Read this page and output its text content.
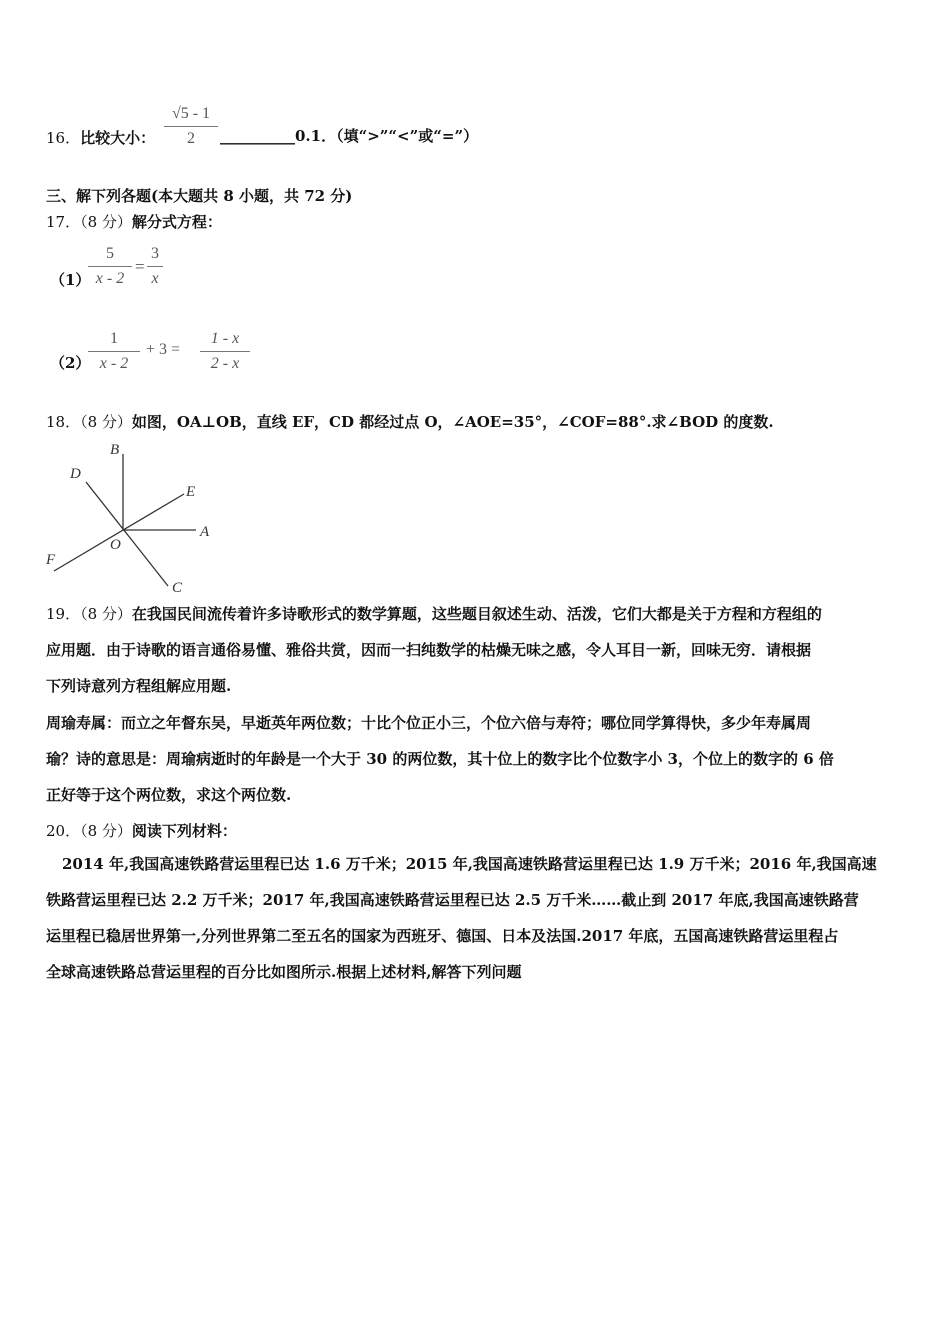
16．比较大小：
√5 - 1
2	__________0.1．（填“>”“<”或“=”）
三、解下列各题(本大题共 8 小题，共 72 分)
17．（8 分）解分式方程：
（1）
5
x - 2
=
3
x
（2）
1
x - 2
+ 3 =
1 - x
2 - x
18．（8 分）如图，OA⊥OB，直线 EF，CD 都经过点 O，∠AOE=35°，∠COF=88°.求∠BOD 的度数.
B
D
E
A
O
F
C
19．（8 分）在我国民间流传着许多诗歌形式的数学算题，这些题目叙述生动、活泼，它们大都是关于方程和方程组的
应用题．由于诗歌的语言通俗易懂、雅俗共赏，因而一扫纯数学的枯燥无味之感，令人耳目一新，回味无穷．请根据
下列诗意列方程组解应用题.
周瑜寿属：而立之年督东吴，早逝英年两位数；十比个位正小三，个位六倍与寿符；哪位同学算得快，多少年寿属周
瑜？诗的意思是：周瑜病逝时的年龄是一个大于 30 的两位数，其十位上的数字比个位数字小 3，个位上的数字的 6 倍
正好等于这个两位数，求这个两位数.
20．（8 分）阅读下列材料：
2014 年,我国高速铁路营运里程已达 1.6 万千米；2015 年,我国高速铁路营运里程已达 1.9 万千米；2016 年,我国高速
铁路营运里程已达 2.2 万千米；2017 年,我国高速铁路营运里程已达 2.5 万千米……截止到 2017 年底,我国高速铁路营
运里程已稳居世界第一,分列世界第二至五名的国家为西班牙、德国、日本及法国.2017 年底，五国高速铁路营运里程占
全球高速铁路总营运里程的百分比如图所示.根据上述材料,解答下列问题
